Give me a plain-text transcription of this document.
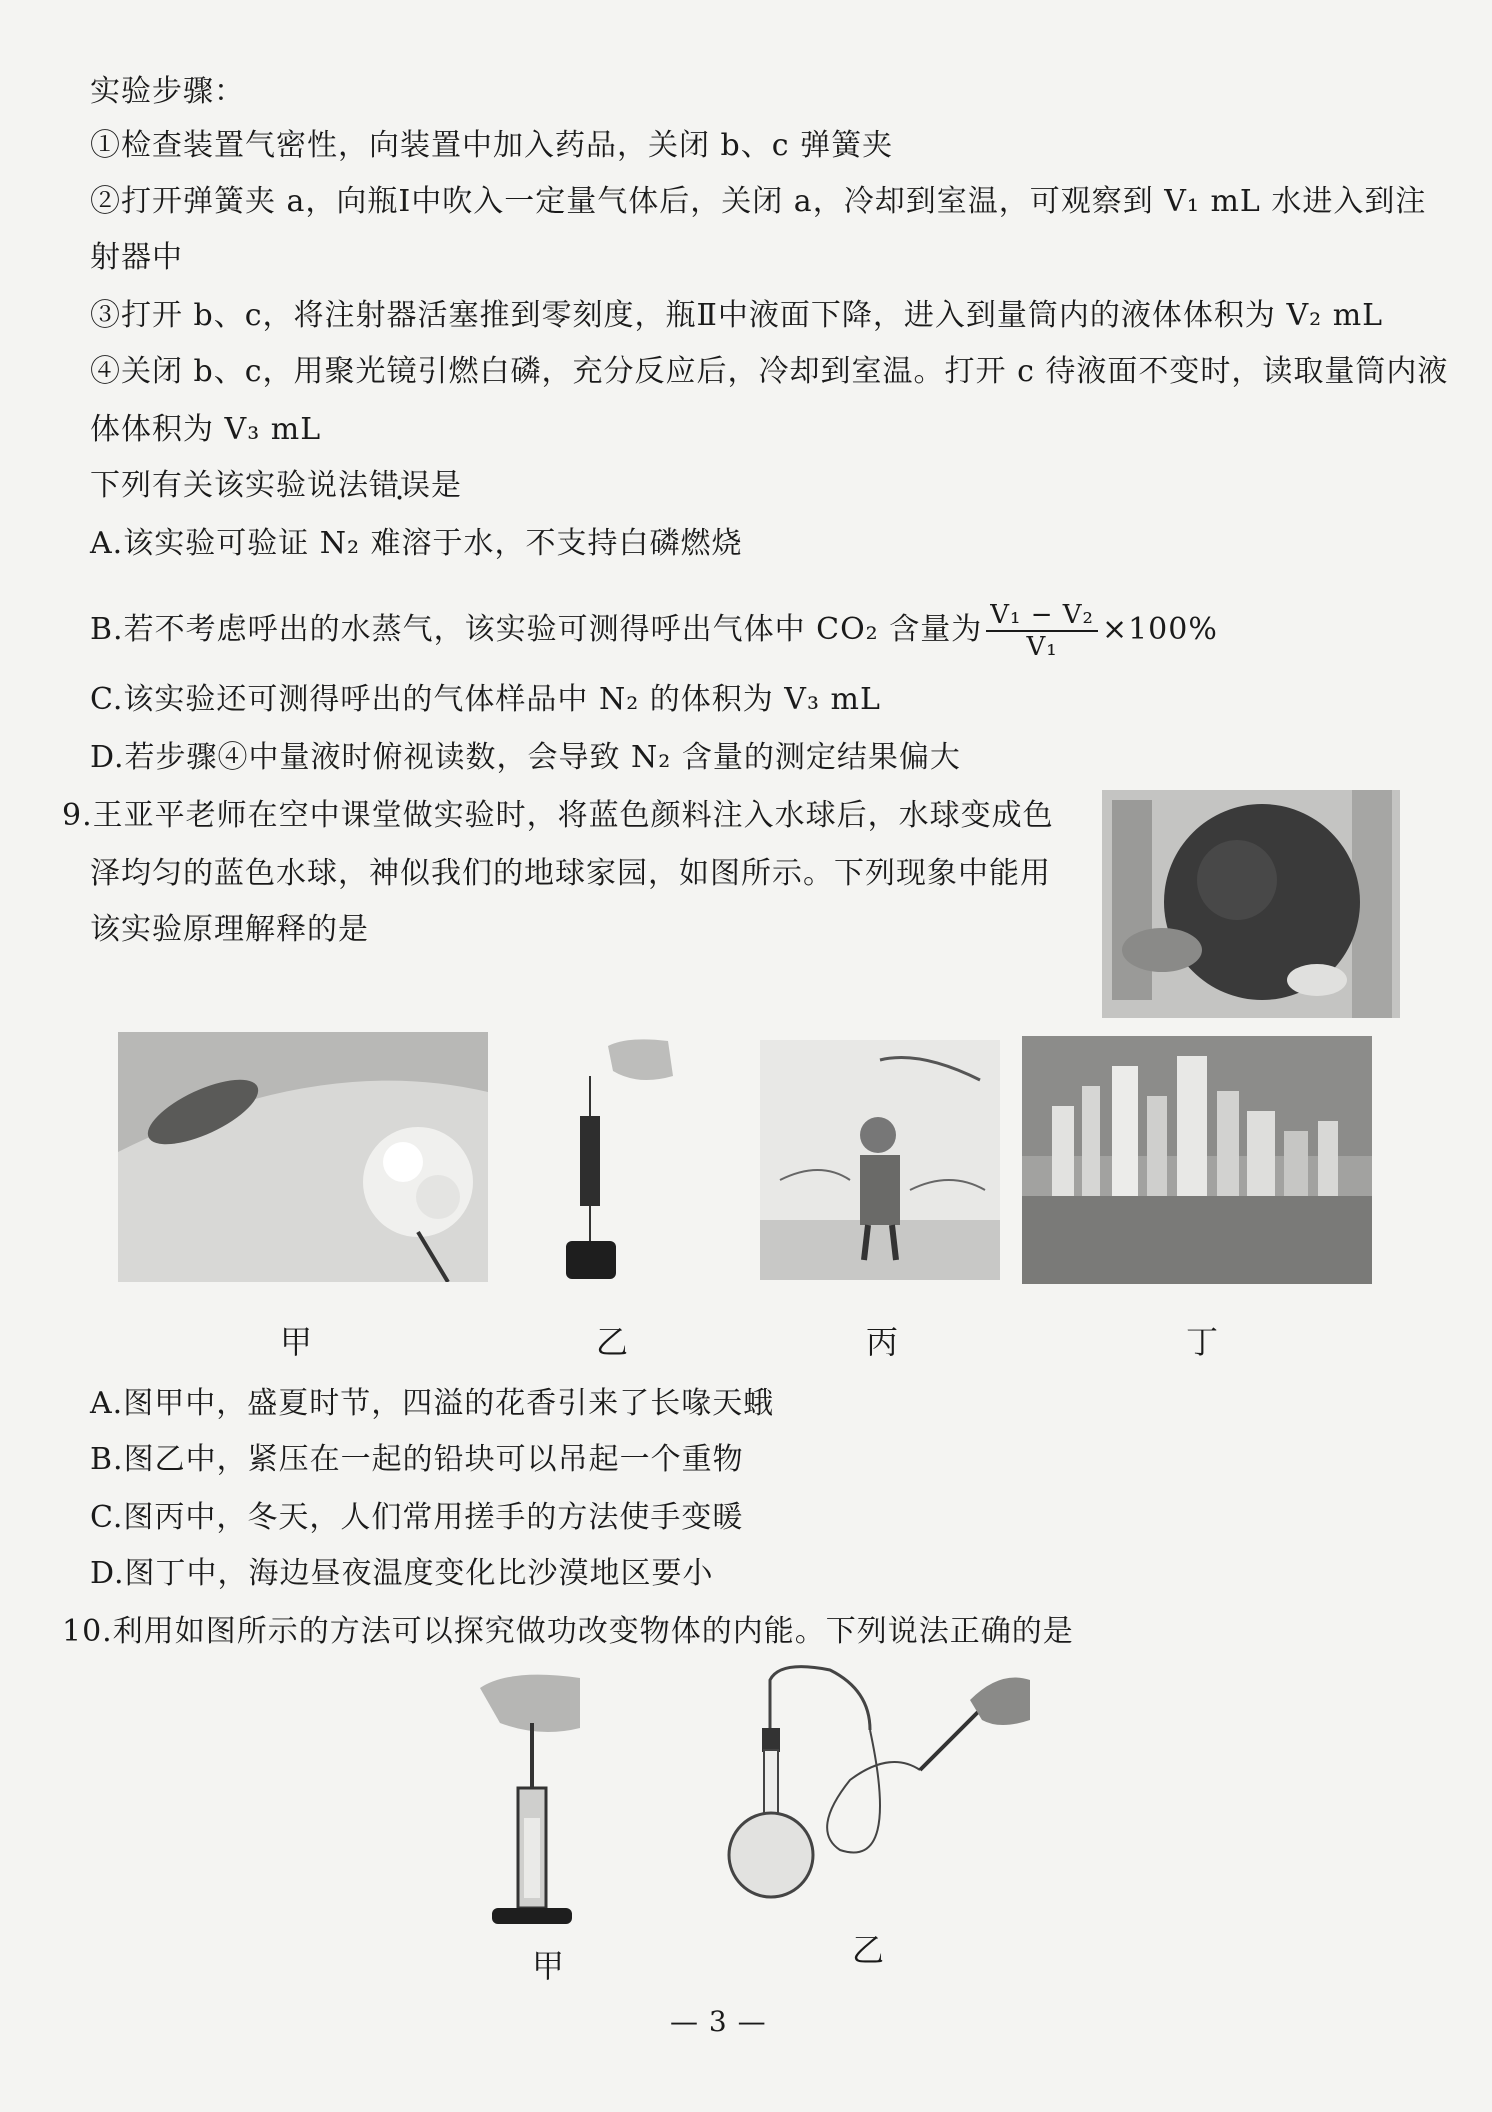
实验步骤：
①检查装置气密性，向装置中加入药品，关闭 b、c 弹簧夹
②打开弹簧夹 a，向瓶Ⅰ中吹入一定量气体后，关闭 a，冷却到室温，可观察到 V₁ mL 水进入到注
射器中
③打开 b、c，将注射器活塞推到零刻度，瓶Ⅱ中液面下降，进入到量筒内的液体体积为 V₂ mL
④关闭 b、c，用聚光镜引燃白磷，充分反应后，冷却到室温。打开 c 待液面不变时，读取量筒内液
体体积为 V₃ mL
下列有关该实验说法错误是
A.该实验可验证 N₂ 难溶于水，不支持白磷燃烧
B.若不考虑呼出的水蒸气，该实验可测得呼出气体中 CO₂ 含量为 $\frac{\text{V₁ − V₂}}{\text{V₁}} \times 100\%$
C.该实验还可测得呼出的气体样品中 N₂ 的体积为 V₃ mL
D.若步骤④中量液时俯视读数，会导致 N₂ 含量的测定结果偏大
9.王亚平老师在空中课堂做实验时，将蓝色颜料注入水球后，水球变成色
泽均匀的蓝色水球，神似我们的地球家园，如图所示。下列现象中能用
该实验原理解释的是
甲	乙	丙	丁
A.图甲中，盛夏时节，四溢的花香引来了长喙天蛾
B.图乙中，紧压在一起的铅块可以吊起一个重物
C.图丙中，冬天，人们常用搓手的方法使手变暖
D.图丁中，海边昼夜温度变化比沙漠地区要小
10.利用如图所示的方法可以探究做功改变物体的内能。下列说法正确的是
甲	乙
— 3 —
